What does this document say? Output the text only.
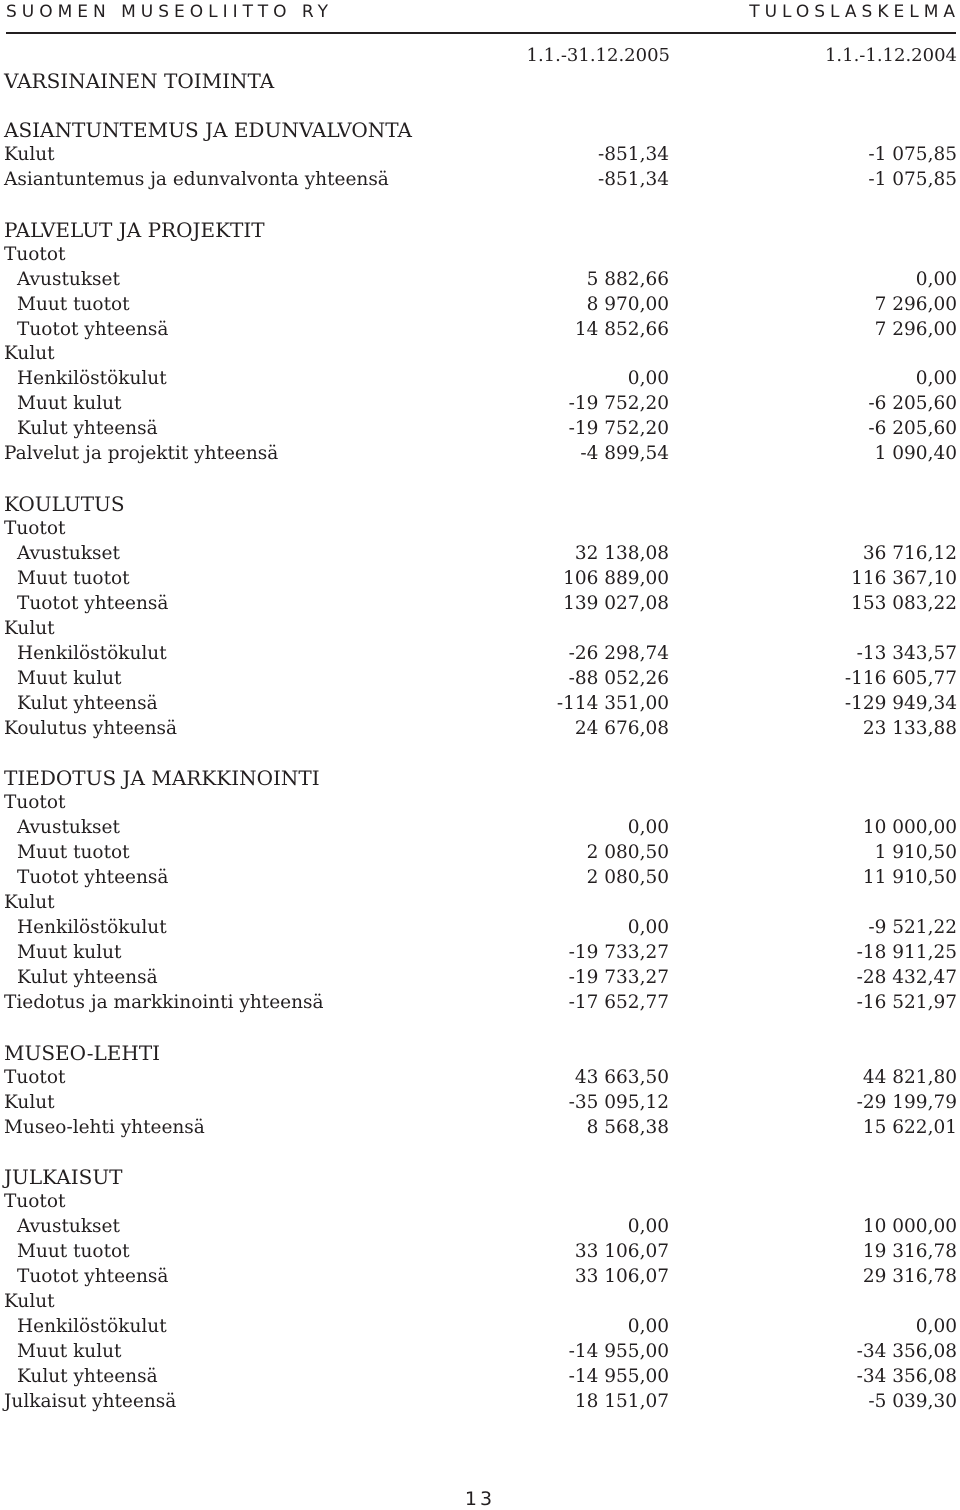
SUOMEN MUSEOLIITTO RY	TULOSLASKELMA
1.1.-31.12.2005	1.1.-1.12.2004
VARSINAINEN TOIMINTA
ASIANTUNTEMUS JA EDUNVALVONTA
Kulut	-851,34	-1 075,85
Asiantuntemus ja edunvalvonta yhteensä	-851,34	-1 075,85
PALVELUT JA PROJEKTIT
Tuotot
Avustukset	5 882,66	0,00
Muut tuotot	8 970,00	7 296,00
Tuotot yhteensä	14 852,66	7 296,00
Kulut
Henkilöstökulut	0,00	0,00
Muut kulut	-19 752,20	-6 205,60
Kulut yhteensä	-19 752,20	-6 205,60
Palvelut ja projektit yhteensä	-4 899,54	1 090,40
KOULUTUS
Tuotot
Avustukset	32 138,08	36 716,12
Muut tuotot	106 889,00	116 367,10
Tuotot yhteensä	139 027,08	153 083,22
Kulut
Henkilöstökulut	-26 298,74	-13 343,57
Muut kulut	-88 052,26	-116 605,77
Kulut yhteensä	-114 351,00	-129 949,34
Koulutus yhteensä	24 676,08	23 133,88
TIEDOTUS JA MARKKINOINTI
Tuotot
Avustukset	0,00	10 000,00
Muut tuotot	2 080,50	1 910,50
Tuotot yhteensä	2 080,50	11 910,50
Kulut
Henkilöstökulut	0,00	-9 521,22
Muut kulut	-19 733,27	-18 911,25
Kulut yhteensä	-19 733,27	-28 432,47
Tiedotus ja markkinointi yhteensä	-17 652,77	-16 521,97
MUSEO-LEHTI
Tuotot	43 663,50	44 821,80
Kulut	-35 095,12	-29 199,79
Museo-lehti yhteensä	8 568,38	15 622,01
JULKAISUT
Tuotot
Avustukset	0,00	10 000,00
Muut tuotot	33 106,07	19 316,78
Tuotot yhteensä	33 106,07	29 316,78
Kulut
Henkilöstökulut	0,00	0,00
Muut kulut	-14 955,00	-34 356,08
Kulut yhteensä	-14 955,00	-34 356,08
Julkaisut yhteensä	18 151,07	-5 039,30
13
